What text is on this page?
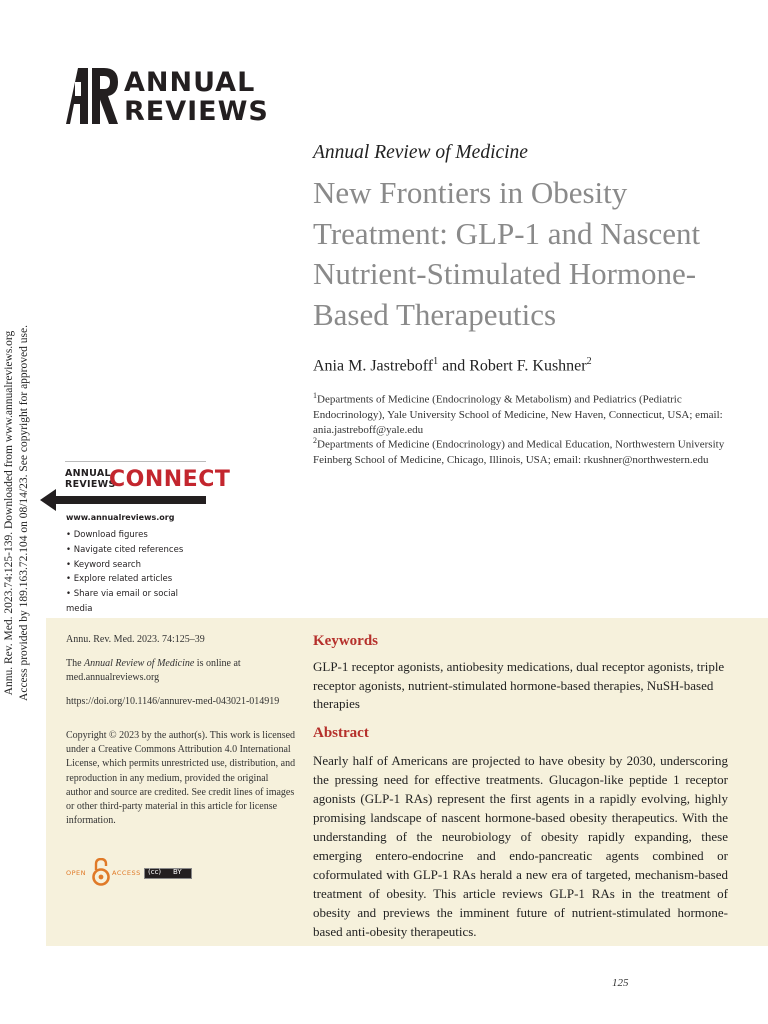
ANNUAL
REVIEWS
Annu. Rev. Med. 2023.74:125-139. Downloaded from www.annualreviews.org Access provided by 189.163.72.104 on 08/14/23. See copyright for approved use.
Annual Review of Medicine
New Frontiers in Obesity Treatment: GLP-1 and Nascent Nutrient-Stimulated Hormone-Based Therapeutics
Ania M. Jastreboff$^1$ and Robert F. Kushner$^2$
$^1$Departments of Medicine (Endocrinology & Metabolism) and Pediatrics (Pediatric Endocrinology), Yale University School of Medicine, New Haven, Connecticut, USA; email: ania.jastreboff@yale.edu
$^2$Departments of Medicine (Endocrinology) and Medical Education, Northwestern University Feinberg School of Medicine, Chicago, Illinois, USA; email: rkushner@northwestern.edu
ANNUAL
REVIEWS
CONNECT
www.annualreviews.org
• Download figures
• Navigate cited references
• Keyword search
• Explore related articles
• Share via email or social media
Annu. Rev. Med. 2023. 74:125–39
The Annual Review of Medicine is online at med.annualreviews.org
https://doi.org/10.1146/annurev-med-043021-014919
Copyright © 2023 by the author(s). This work is licensed under a Creative Commons Attribution 4.0 International License, which permits unrestricted use, distribution, and reproduction in any medium, provided the original author and source are credited. See credit lines of images or other third-party material in this article for license information.
OPEN	ACCESS (cc) BY
Keywords
GLP-1 receptor agonists, antiobesity medications, dual receptor agonists, triple receptor agonists, nutrient-stimulated hormone-based therapies, NuSH-based therapies
Abstract
Nearly half of Americans are projected to have obesity by 2030, underscoring the pressing need for effective treatments. Glucagon-like peptide 1 receptor agonists (GLP-1 RAs) represent the first agents in a rapidly evolving, highly promising landscape of nascent hormone-based obesity therapeutics. With the understanding of the neurobiology of obesity rapidly expanding, these emerging entero-endocrine and endo-pancreatic agents combined or coformulated with GLP-1 RAs herald a new era of targeted, mechanism-based treatment of obesity. This article reviews GLP-1 RAs in the treatment of obesity and previews the imminent future of nutrient-stimulated hormone-based anti-obesity therapeutics.
125
